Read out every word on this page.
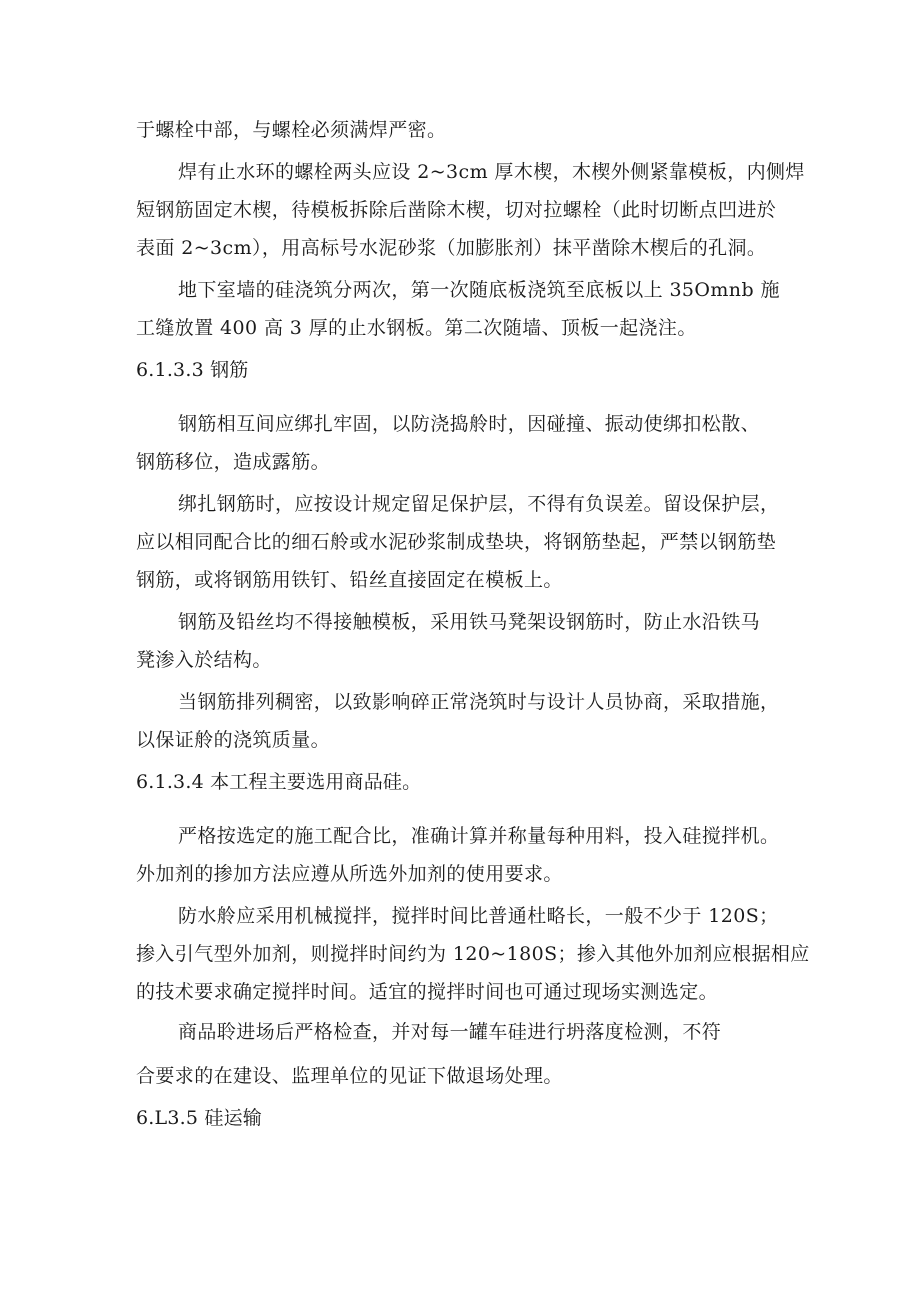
于螺栓中部，与螺栓必须满焊严密。
焊有止水环的螺栓两头应设 2~3cm 厚木楔，木楔外侧紧靠模板，内侧焊
短钢筋固定木楔，待模板拆除后凿除木楔，切对拉螺栓（此时切断点凹进於
表面 2~3cm），用高标号水泥砂浆（加膨胀剂）抹平凿除木楔后的孔洞。
地下室墙的硅浇筑分两次，第一次随底板浇筑至底板以上 35Omnb 施
工缝放置 400 高 3 厚的止水钢板。第二次随墙、顶板一起浇注。
6.1.3.3 钢筋
钢筋相互间应绑扎牢固，以防浇捣舲时，因碰撞、振动使绑扣松散、
钢筋移位，造成露筋。
绑扎钢筋时，应按设计规定留足保护层，不得有负误差。留设保护层，
应以相同配合比的细石舲或水泥砂浆制成垫块，将钢筋垫起，严禁以钢筋垫
钢筋，或将钢筋用铁钉、铅丝直接固定在模板上。
钢筋及铅丝均不得接触模板，采用铁马凳架设钢筋时，防止水沿铁马
凳渗入於结构。
当钢筋排列稠密，以致影响碎正常浇筑时与设计人员协商，采取措施，
以保证舲的浇筑质量。
6.1.3.4 本工程主要选用商品硅。
严格按选定的施工配合比，准确计算并称量每种用料，投入硅搅拌机。
外加剂的掺加方法应遵从所选外加剂的使用要求。
防水舲应采用机械搅拌，搅拌时间比普通杜略长，一般不少于 120S；
掺入引气型外加剂，则搅拌时间约为 120~180S；掺入其他外加剂应根据相应
的技术要求确定搅拌时间。适宜的搅拌时间也可通过现场实测选定。
商品聆进场后严格检查，并对每一罐车硅进行坍落度检测，不符
合要求的在建设、监理单位的见证下做退场处理。
6.L3.5 硅运输
